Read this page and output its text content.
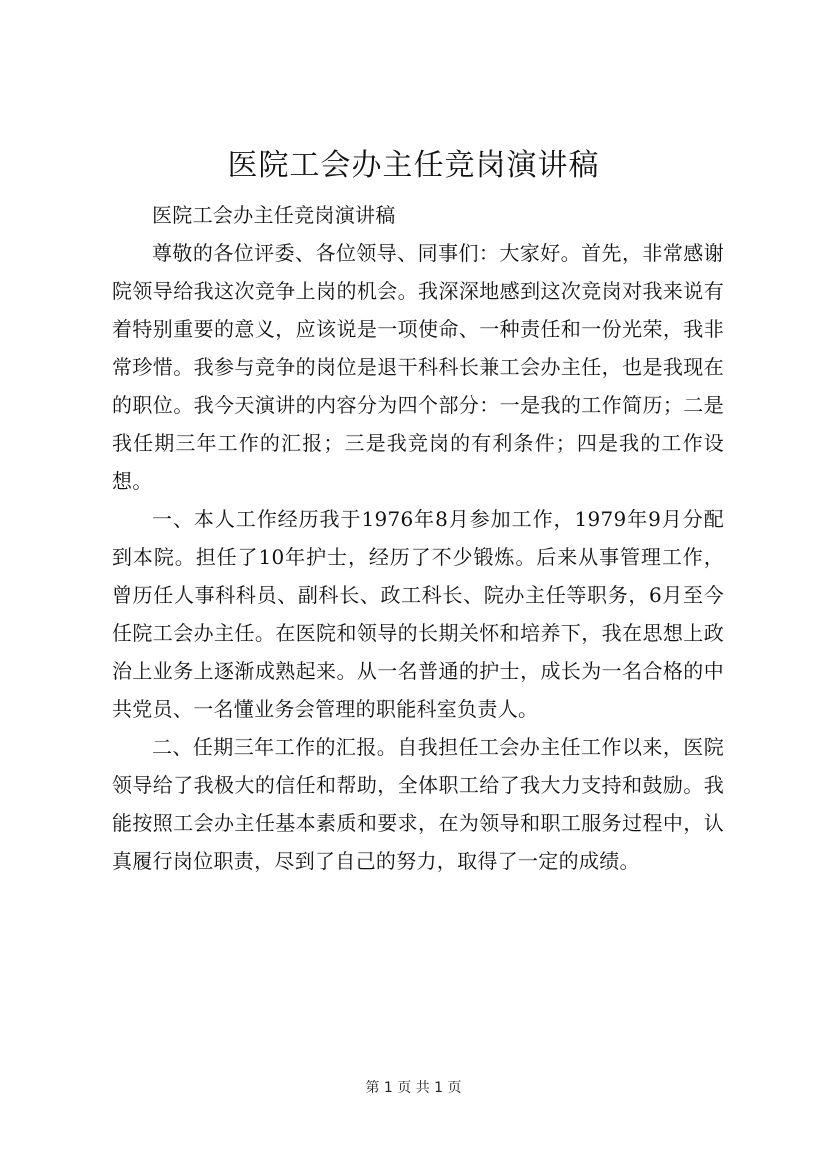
医院工会办主任竞岗演讲稿

医院工会办主任竞岗演讲稿

尊敬的各位评委、各位领导、同事们：大家好。首先，非常感谢院领导给我这次竞争上岗的机会。我深深地感到这次竞岗对我来说有着特别重要的意义，应该说是一项使命、一种责任和一份光荣，我非常珍惜。我参与竞争的岗位是退干科科长兼工会办主任，也是我现在的职位。我今天演讲的内容分为四个部分：一是我的工作简历；二是我任期三年工作的汇报；三是我竞岗的有利条件；四是我的工作设想。

一、本人工作经历我于1976年8月参加工作，1979年9月分配到本院。担任了10年护士，经历了不少锻炼。后来从事管理工作，曾历任人事科科员、副科长、政工科长、院办主任等职务，6月至今任院工会办主任。在医院和领导的长期关怀和培养下，我在思想上政治上业务上逐渐成熟起来。从一名普通的护士，成长为一名合格的中共党员、一名懂业务会管理的职能科室负责人。

二、任期三年工作的汇报。自我担任工会办主任工作以来，医院领导给了我极大的信任和帮助，全体职工给了我大力支持和鼓励。我能按照工会办主任基本素质和要求，在为领导和职工服务过程中，认真履行岗位职责，尽到了自己的努力，取得了一定的成绩。

第 1 页 共 1 页
